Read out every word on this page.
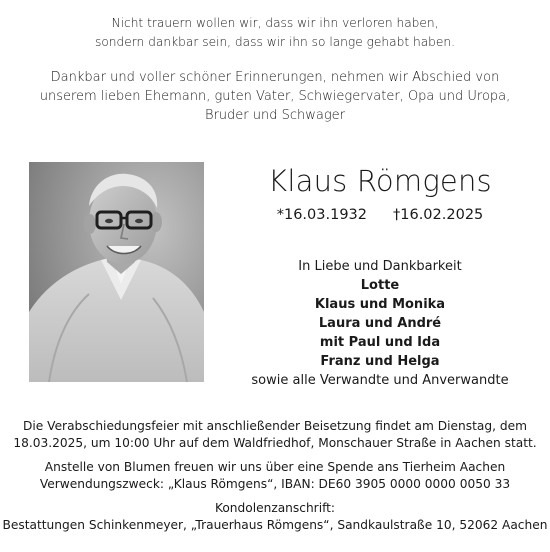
Nicht trauern wollen wir, dass wir ihn verloren haben,
sondern dankbar sein, dass wir ihn so lange gehabt haben.
Dankbar und voller schöner Erinnerungen, nehmen wir Abschied von
unserem lieben Ehemann, guten Vater, Schwiegervater, Opa und Uropa,
Bruder und Schwager
Klaus Römgens
*16.03.1932 †16.02.2025
In Liebe und Dankbarkeit
Lotte
Klaus und Monika
Laura und André
mit Paul und Ida
Franz und Helga
sowie alle Verwandte und Anverwandte
Die Verabschiedungsfeier mit anschließender Beisetzung findet am Dienstag, dem
18.03.2025, um 10:00 Uhr auf dem Waldfriedhof, Monschauer Straße in Aachen statt.
Anstelle von Blumen freuen wir uns über eine Spende ans Tierheim Aachen
Verwendungszweck: „Klaus Römgens“, IBAN: DE60 3905 0000 0000 0050 33
Kondolenzanschrift:
Bestattungen Schinkenmeyer, „Trauerhaus Römgens“, Sandkaulstraße 10, 52062 Aachen
